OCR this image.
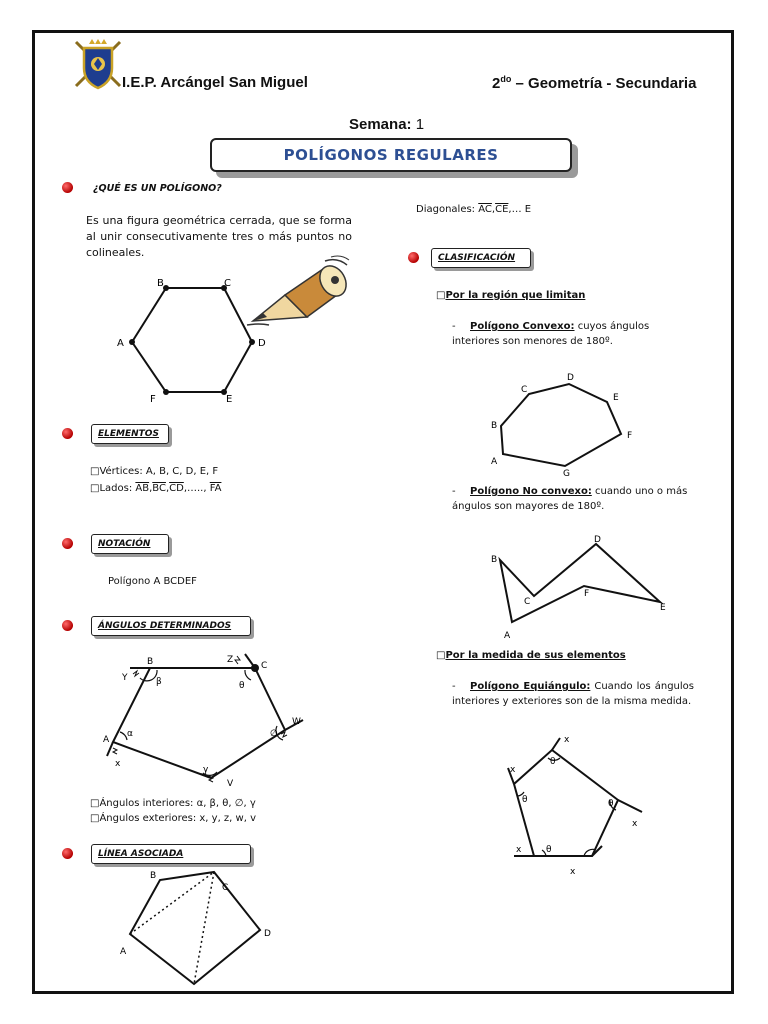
I.E.P. Arcángel San Miguel	$2^{do}$ – Geometría - Secundaria
Semana: 1
POLÍGONOS REGULARES
¿QUÉ ES UN POLÍGONO?
Es una figura geométrica cerrada, que se forma al unir consecutivamente tres o más puntos no colineales.
A
B	C
D
E
F
ELEMENTOS
□Vértices: A, B, C, D, E, F
□Lados: $\overline{AB},\overline{BC},\overline{CD},\dots$.., $\overline{FA}$
NOTACIÓN
Polígono A BCDEF
ÁNGULOS DETERMINADOS
A
B	C
V
W
Z
Y
α
β	θ
γ
∅
x
□Ángulos interiores: α, β, θ, ∅, γ
□Ángulos exteriores: x, y, z, w, v
LÍNEA ASOCIADA
A
B
C
D
Diagonales: $\overline{AC},\overline{CE},\dots$ E
CLASIFICACIÓN
□Por la región que limitan
- Polígono Convexo: cuyos ángulos interiores son menores de 180º.
A
B
C
D
E
F
G
- Polígono No convexo: cuando uno o más ángulos son mayores de 180º.
A
B
C
D
E
F
□Por la medida de sus elementos
- Polígono Equiángulo: Cuando los ángulos interiores y exteriores son de la misma medida.
θ
θ
θ
θ
x
x
x
x
x
